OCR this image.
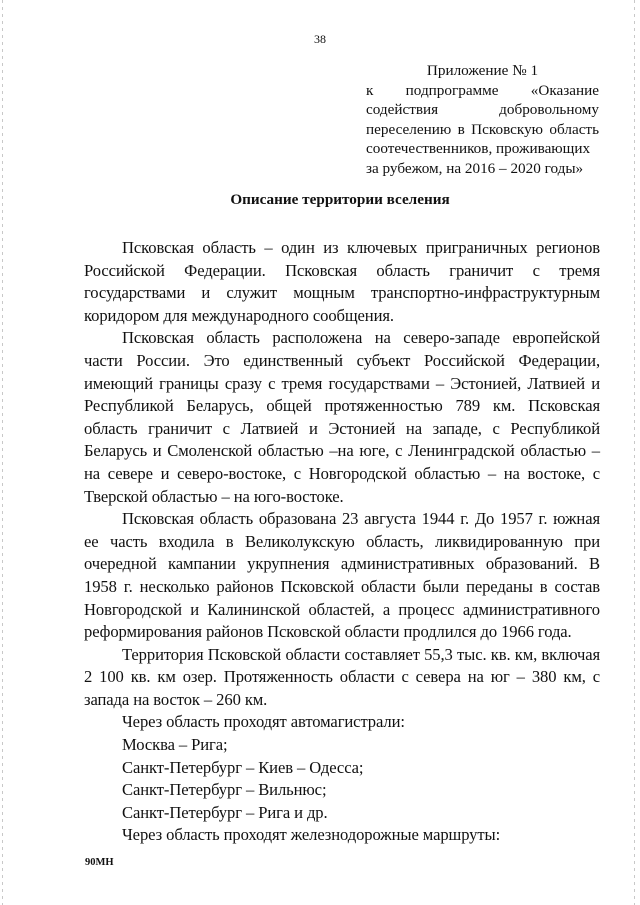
38
Приложение № 1
к подпрограмме «Оказание содействия добровольному переселению в Псковскую область соотечественников, проживающих
за рубежом, на 2016 – 2020 годы»
Описание территории вселения

Псковская область – один из ключевых приграничных регионов Российской Федерации. Псковская область граничит с тремя государствами и служит мощным транспортно-инфраструктурным коридором для международного сообщения.

Псковская область расположена на северо-западе европейской части России. Это единственный субъект Российской Федерации, имеющий границы сразу с тремя государствами – Эстонией, Латвией и Республикой Беларусь, общей протяженностью 789 км. Псковская область граничит с Латвией и Эстонией на западе, с Республикой Беларусь и Смоленской областью –на юге, с Ленинградской областью – на севере и северо-востоке, с Новгородской областью – на востоке, с Тверской областью – на юго-востоке.

Псковская область образована 23 августа 1944 г. До 1957 г. южная ее часть входила в Великолукскую область, ликвидированную при очередной кампании укрупнения административных образований. В 1958 г. несколько районов Псковской области были переданы в состав Новгородской и Калининской областей, а процесс административного реформирования районов Псковской области продлился до 1966 года.

Территория Псковской области составляет 55,3 тыс. кв. км, включая 2 100 кв. км озер. Протяженность области с севера на юг – 380 км, с запада на восток – 260 км.

Через область проходят автомагистрали:

Москва – Рига;

Санкт-Петербург – Киев – Одесса;

Санкт-Петербург – Вильнюс;

Санкт-Петербург – Рига и др.

Через область проходят железнодорожные маршруты:

90МН
